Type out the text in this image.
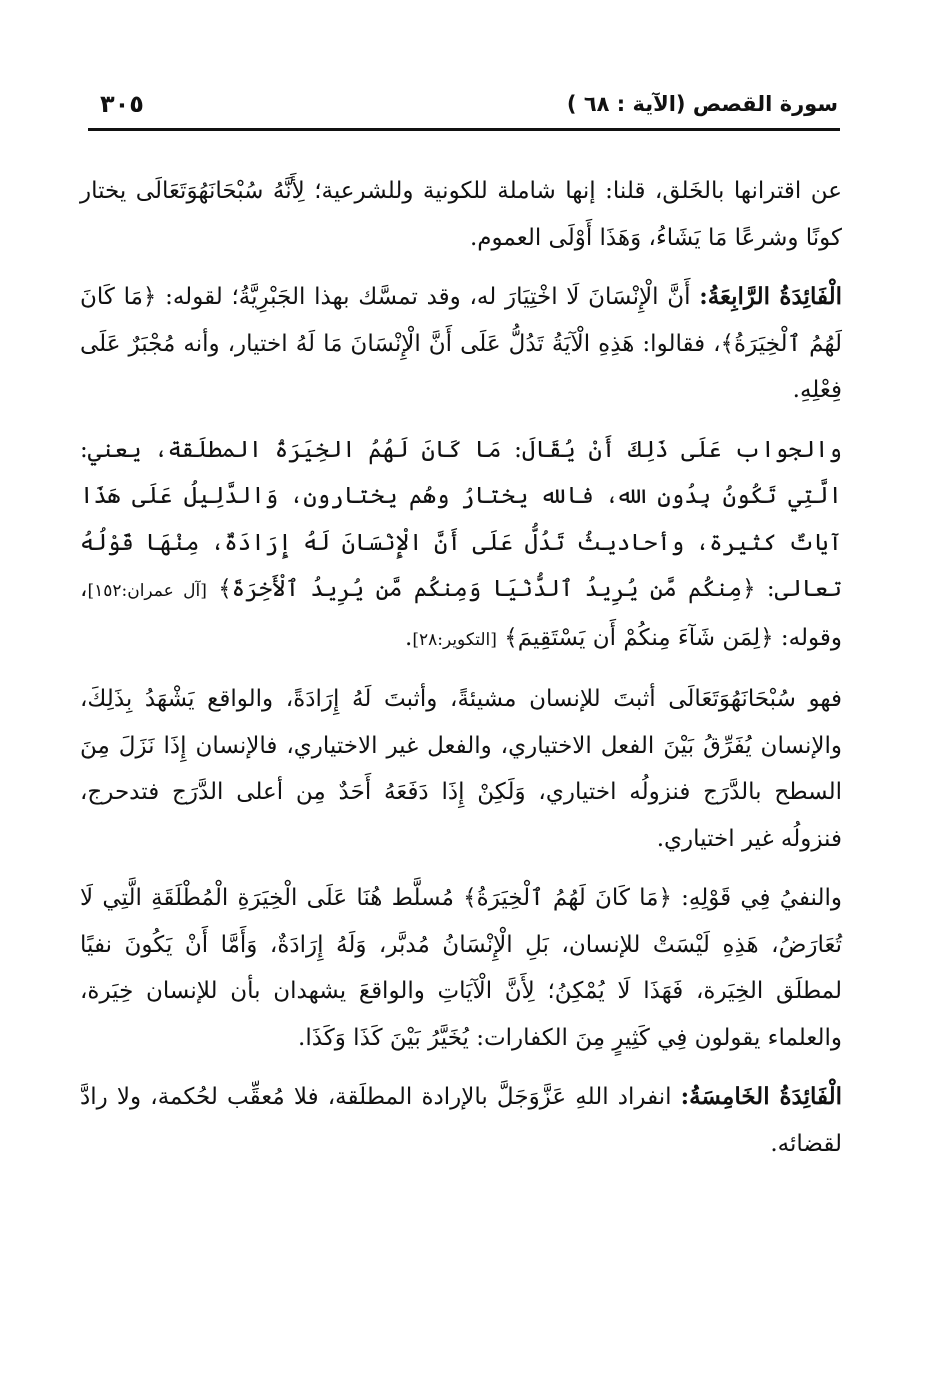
سورة القصص (الآية : ٦٨ )
٣٠٥

عن اقترانها بالخَلق، قلنا: إنها شاملة للكونية وللشرعية؛ لِأَنَّهُ سُبْحَانَهُوَتَعَالَى يختار كونًا وشرعًا مَا يَشَاءُ، وَهَذَا أَوْلَى العموم.

الْفَائِدَةُ الرَّابِعَةُ: أَنَّ الْإِنْسَانَ لَا اخْتِيَارَ له، وقد تمسَّك بهذا الجَبْرِيَّةُ؛ لقوله: ﴿مَا كَانَ لَهُمُ ٱلْخِيَرَةُ﴾، فقالوا: هَذِهِ الْآيَةُ تَدُلُّ عَلَى أَنَّ الْإِنْسَانَ مَا لَهُ اختيار، وأنه مُجْبَرٌ عَلَى فِعْلِهِ.

والجواب عَلَى ذَلِكَ أَنْ يُقَالَ: مَا كَانَ لَهُمُ الخِيَرَةُ المطلَقة، يعني: الَّتِي تَكُونُ بِدُونِ الله، فالله يختارُ وهُم يختارون، وَالدَّلِيلُ عَلَى هَذَا آياتٌ كثيرة، وأحاديثُ تَدُلُّ عَلَى أَنَّ الْإِنْسَانَ لَهُ إِرَادَةٌ، مِنْهَا قَوْلُهُ تعالى: ﴿مِنكُم مَّن يُرِيدُ ٱلدُّنْيَا وَمِنكُم مَّن يُرِيدُ ٱلْأَخِرَةَ﴾ [آل عمران:١٥٢]، وقوله: ﴿لِمَن شَآءَ مِنكُمْ أَن يَسْتَقِيمَ﴾ [التكوير:٢٨].

فهو سُبْحَانَهُوَتَعَالَى أثبتَ للإنسان مشيئةً، وأثبتَ لَهُ إِرَادَةً، والواقع يَشْهَدُ بِذَلِكَ، والإنسان يُفَرِّقُ بَيْنَ الفعل الاختياري، والفعل غير الاختياري، فالإنسان إِذَا نَزَلَ مِنَ السطح بالدَّرَج فنزولُه اختياري، وَلَكِنْ إِذَا دَفَعَهُ أَحَدٌ مِن أعلى الدَّرَج فتدحرج، فنزولُه غير اختياري.

والنفيُ فِي قَوْلِهِ: ﴿مَا كَانَ لَهُمُ ٱلْخِيَرَةُ﴾ مُسلَّط هُنَا عَلَى الْخِيَرَةِ الْمُطْلَقَةِ الَّتِي لَا تُعَارَضُ، هَذِهِ لَيْسَتْ للإنسان، بَلِ الْإِنْسَانُ مُدبَّر، وَلَهُ إِرَادَةٌ، وَأَمَّا أَنْ يَكُونَ نفيًا لمطلَق الخِيَرة، فَهَذَا لَا يُمْكِنُ؛ لِأَنَّ الْآيَاتِ والواقعَ يشهدان بأن للإنسان خِيَرة، والعلماء يقولون فِي كَثِيرٍ مِنَ الكفارات: يُخَيَّرُ بَيْنَ كَذَا وَكَذَا.

الْفَائِدَةُ الخَامِسَةُ: انفراد اللهِ عَزَّوَجَلَّ بالإرادة المطلَقة، فلا مُعقِّب لحُكمة، ولا رادَّ لقضائه.
